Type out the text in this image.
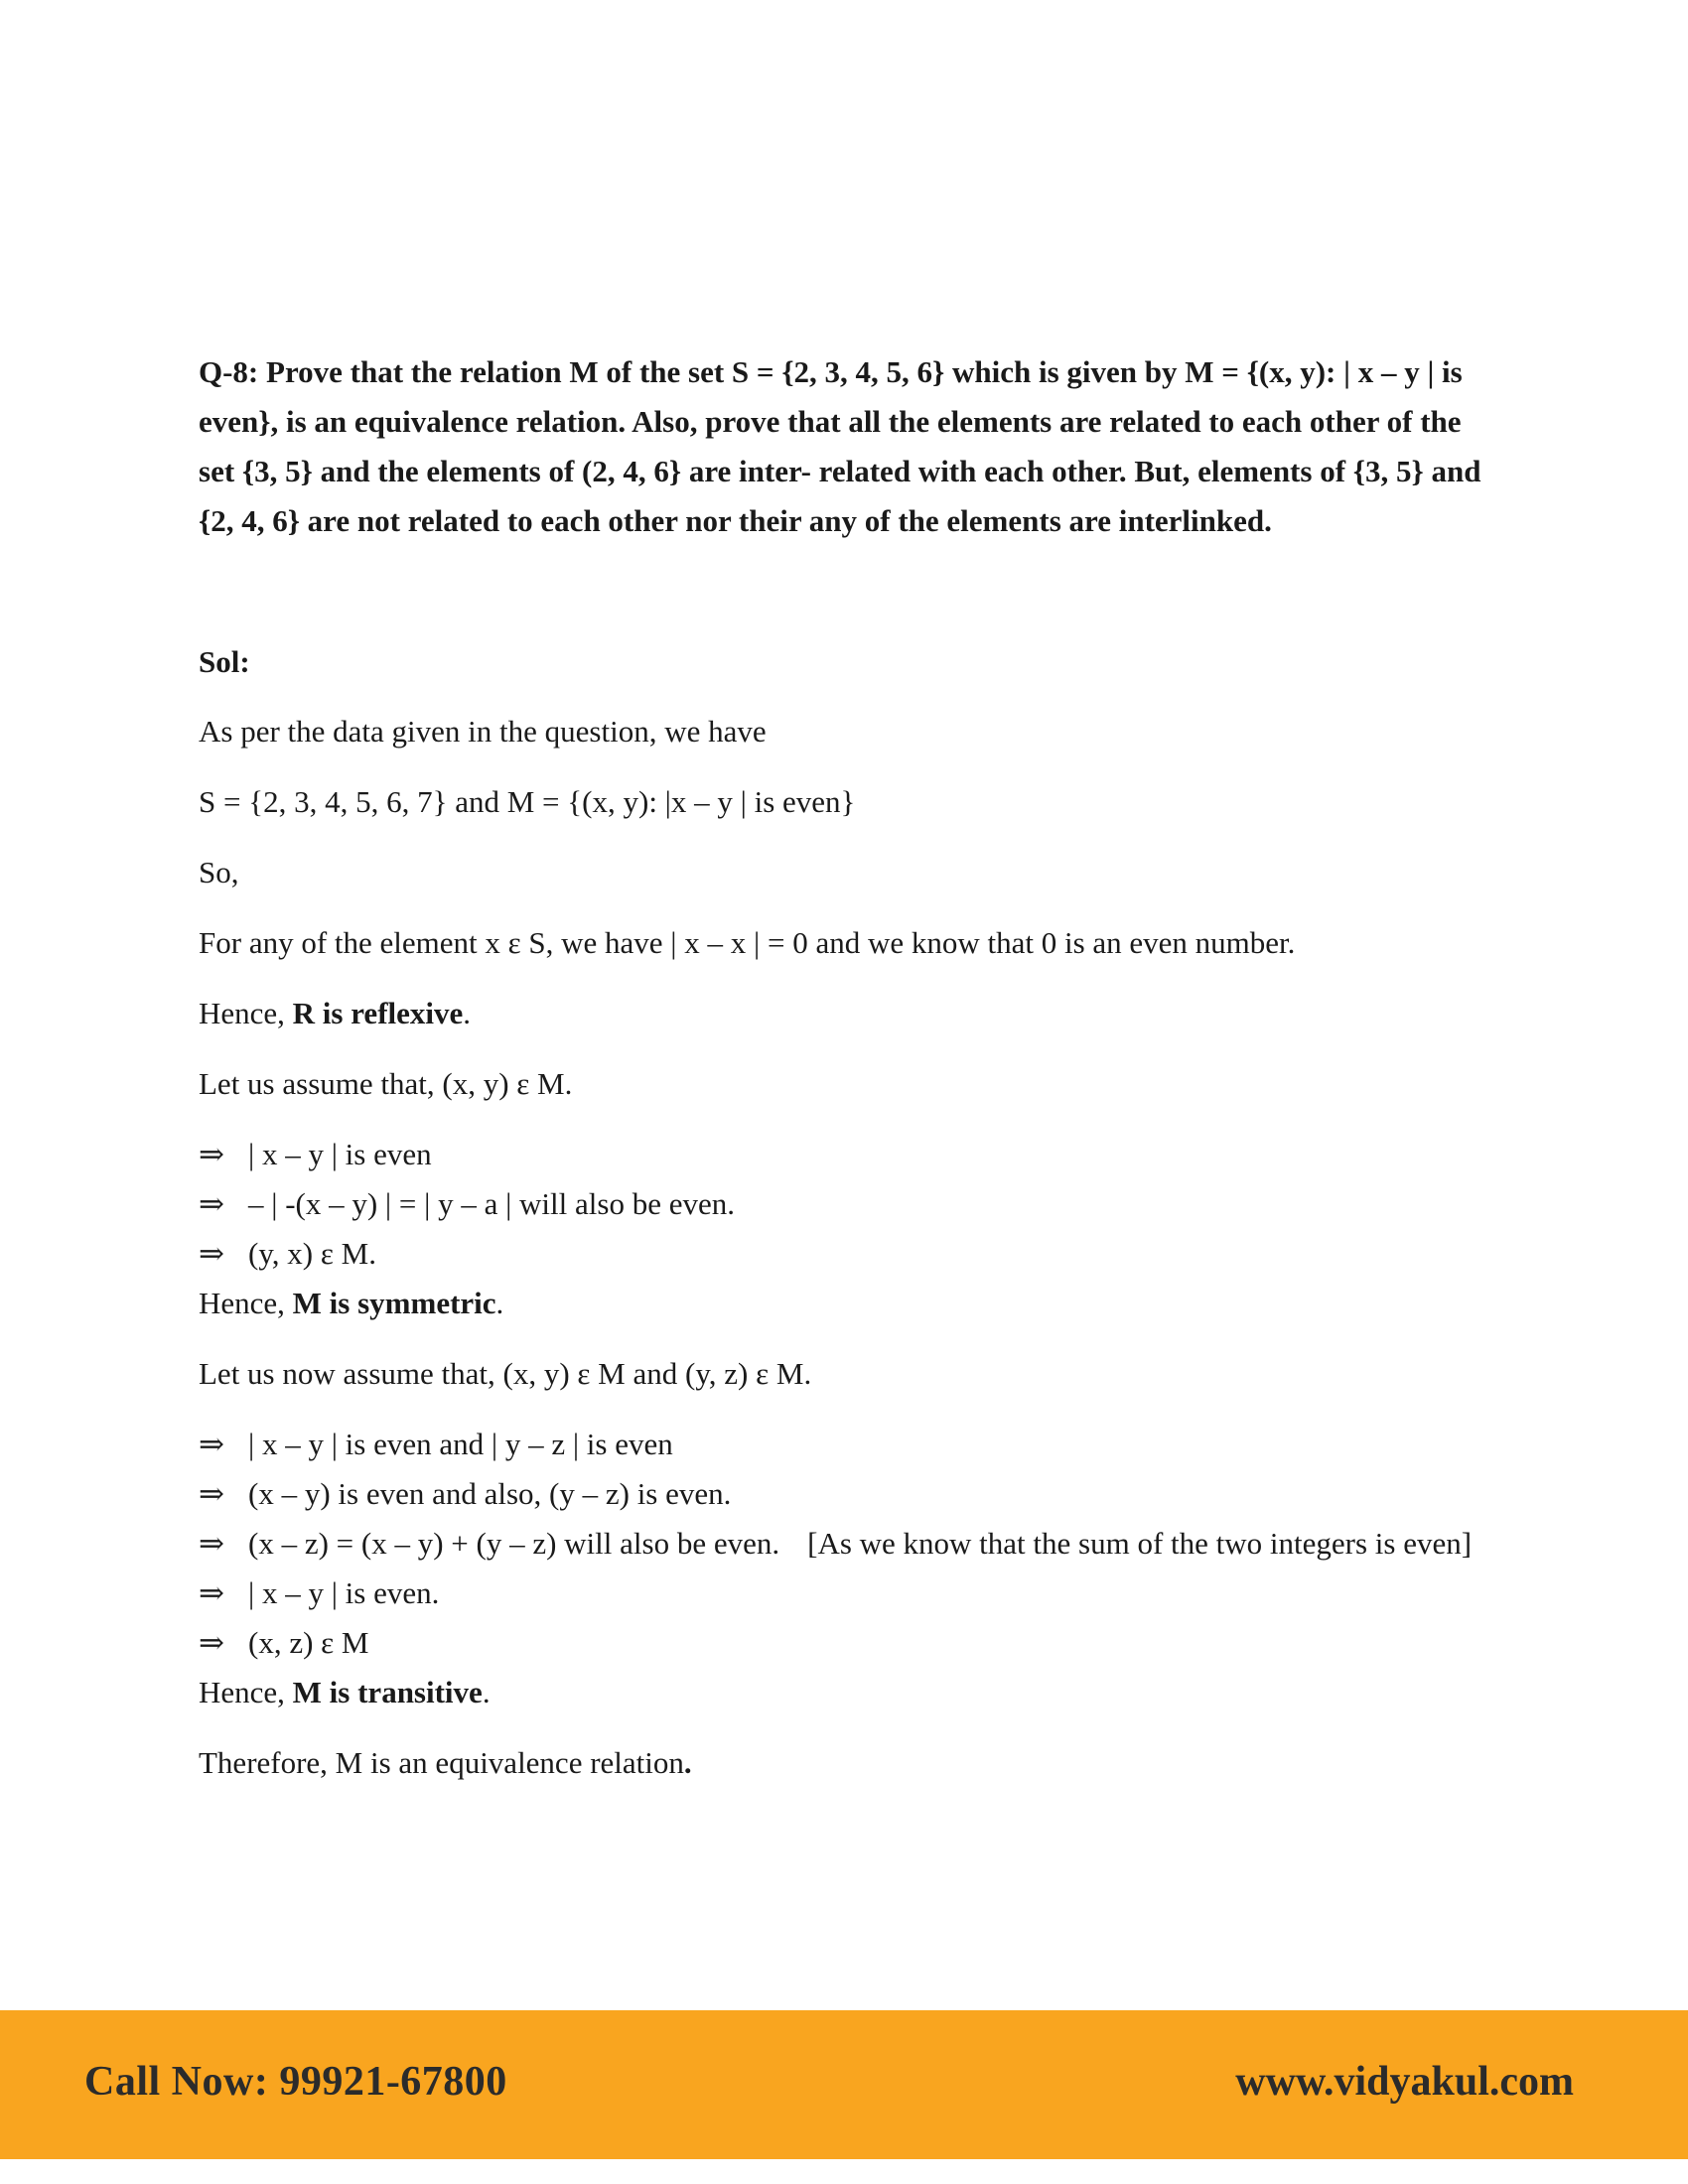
Q-8: Prove that the relation M of the set S = {2, 3, 4, 5, 6} which is given by M = {(x, y): | x – y | is even}, is an equivalence relation. Also, prove that all the elements are related to each other of the set {3, 5} and the elements of (2, 4, 6} are inter- related with each other. But, elements of {3, 5} and {2, 4, 6} are not related to each other nor their any of the elements are interlinked.

Sol:

As per the data given in the question, we have

S = {2, 3, 4, 5, 6, 7} and M = {(x, y): |x – y | is even}

So,

For any of the element x ε S, we have | x – x | = 0 and we know that 0 is an even number.

Hence, R is reflexive.

Let us assume that, (x, y) ε M.

⇒ | x – y | is even

⇒ – | -(x – y) | = | y – a | will also be even.

⇒ (y, x) ε M.

Hence, M is symmetric.

Let us now assume that, (x, y) ε M and (y, z) ε M.

⇒ | x – y | is even and | y – z | is even

⇒ (x – y) is even and also, (y – z) is even.

⇒ (x – z) = (x – y) + (y – z) will also be even. [As we know that the sum of the two integers is even]

⇒ | x – y | is even.

⇒ (x, z) ε M

Hence, M is transitive.

Therefore, M is an equivalence relation.

Call Now: 99921-67800	www.vidyakul.com
